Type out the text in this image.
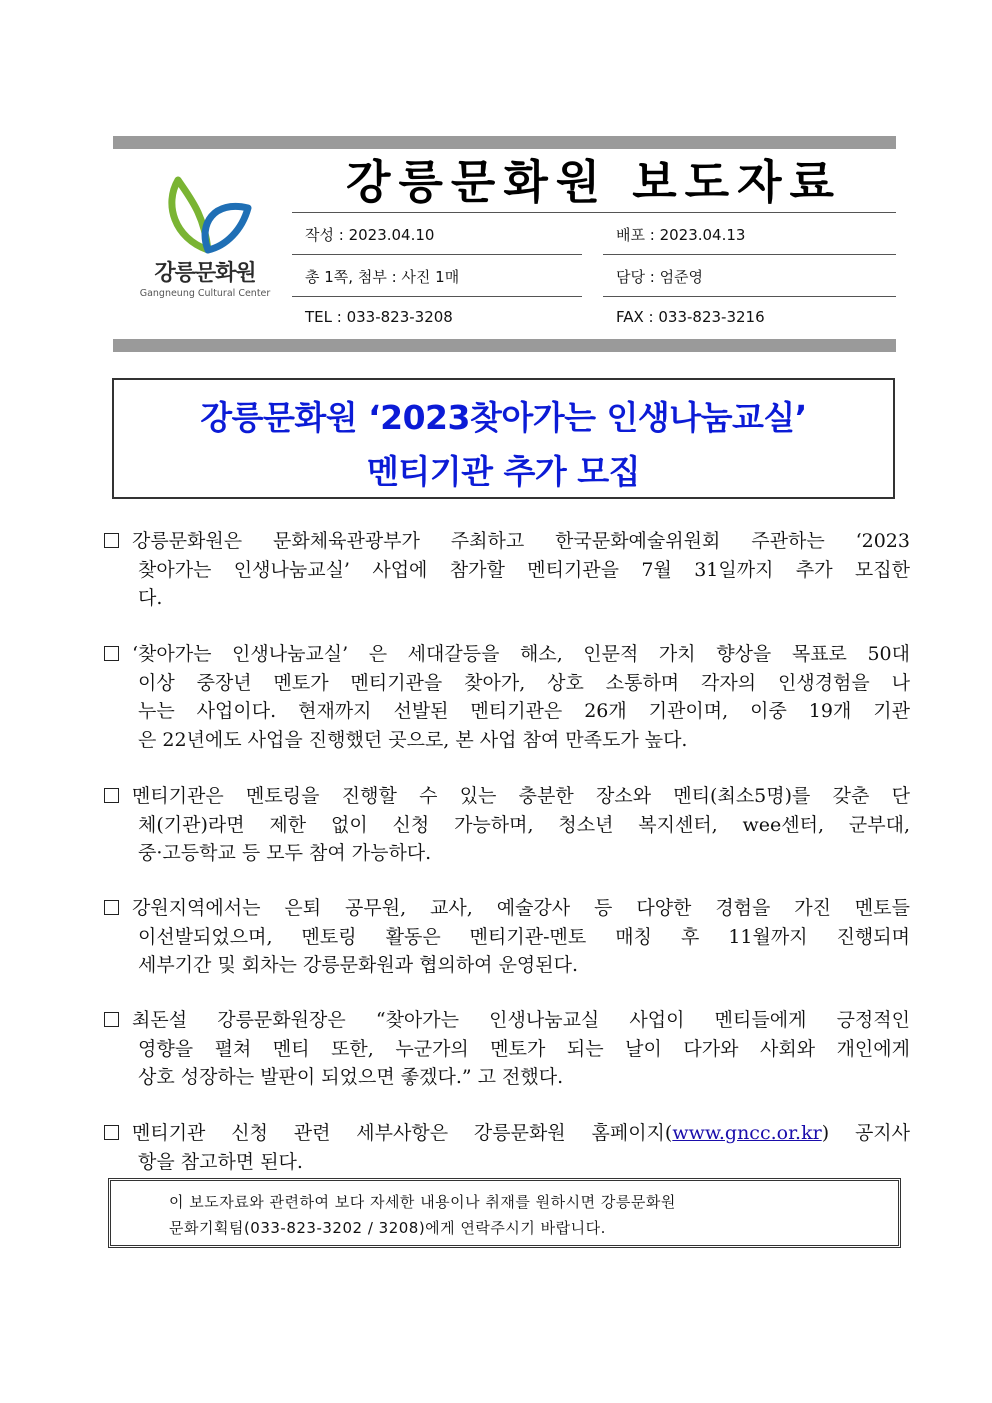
강릉문화원
Gangneung Cultural Center
강릉문화원 보도자료
작성 : 2023.04.10	배포 : 2023.04.13
총 1쪽, 첨부 : 사진 1매	담당 : 엄준영
TEL : 033-823-3208	FAX : 033-823-3216
강릉문화원 ‘2023찾아가는 인생나눔교실’
멘티기관 추가 모집
강릉문화원은 문화체육관광부가 주최하고 한국문화예술위원회 주관하는 ‘2023
찾아가는 인생나눔교실’ 사업에 참가할 멘티기관을 7월 31일까지 추가 모집한
다.
‘찾아가는 인생나눔교실’ 은 세대갈등을 해소, 인문적 가치 향상을 목표로 50대
이상 중장년 멘토가 멘티기관을 찾아가, 상호 소통하며 각자의 인생경험을 나
누는 사업이다. 현재까지 선발된 멘티기관은 26개 기관이며, 이중 19개 기관
은 22년에도 사업을 진행했던 곳으로, 본 사업 참여 만족도가 높다.
멘티기관은 멘토링을 진행할 수 있는 충분한 장소와 멘티(최소5명)를 갖춘 단
체(기관)라면 제한 없이 신청 가능하며, 청소년 복지센터, wee센터, 군부대,
중·고등학교 등 모두 참여 가능하다.
강원지역에서는 은퇴 공무원, 교사, 예술강사 등 다양한 경험을 가진 멘토들
이선발되었으며, 멘토링 활동은 멘티기관-멘토 매칭 후 11월까지 진행되며
세부기간 및 회차는 강릉문화원과 협의하여 운영된다.
최돈설 강릉문화원장은 “찾아가는 인생나눔교실 사업이 멘티들에게 긍정적인
영향을 펼쳐 멘티 또한, 누군가의 멘토가 되는 날이 다가와 사회와 개인에게
상호 성장하는 발판이 되었으면 좋겠다.” 고 전했다.
멘티기관 신청 관련 세부사항은 강릉문화원 홈페이지(www.gncc.or.kr) 공지사
항을 참고하면 된다.
이 보도자료와 관련하여 보다 자세한 내용이나 취재를 원하시면 강릉문화원
문화기획팀(033-823-3202 / 3208)에게 연락주시기 바랍니다.
